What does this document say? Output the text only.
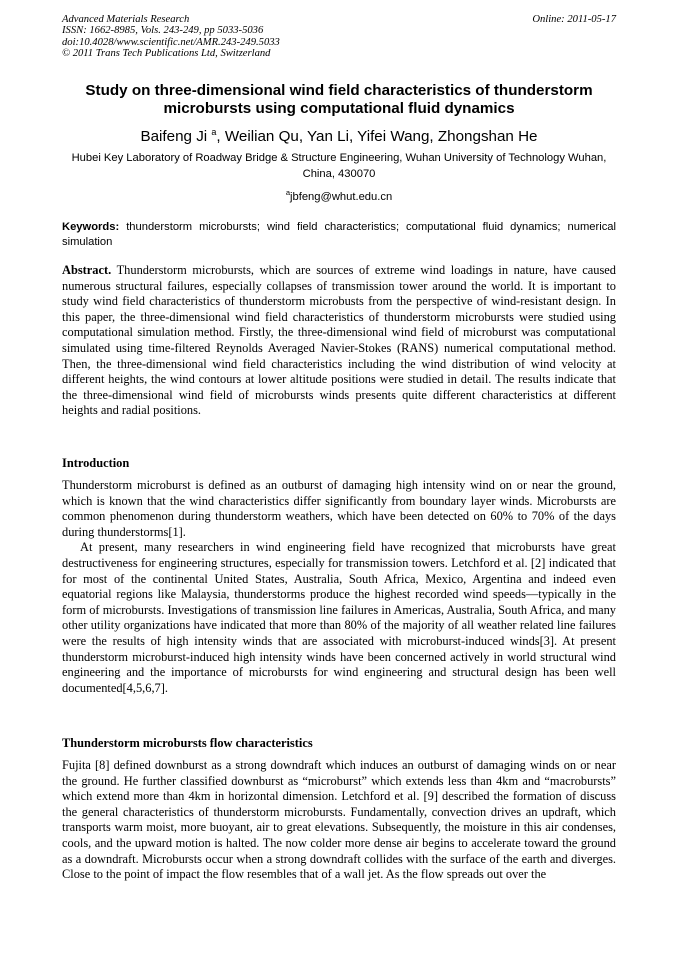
Advanced Materials Research
ISSN: 1662-8985, Vols. 243-249, pp 5033-5036
doi:10.4028/www.scientific.net/AMR.243-249.5033
© 2011 Trans Tech Publications Ltd, Switzerland
Online: 2011-05-17
Study on three-dimensional wind field characteristics of thunderstorm microbursts using computational fluid dynamics
Baifeng Ji $^a$, Weilian Qu, Yan Li, Yifei Wang, Zhongshan He
Hubei Key Laboratory of Roadway Bridge & Structure Engineering, Wuhan University of Technology Wuhan, China, 430070
$^a$jbfeng@whut.edu.cn
Keywords: thunderstorm microbursts; wind field characteristics; computational fluid dynamics; numerical simulation
Abstract. Thunderstorm microbursts, which are sources of extreme wind loadings in nature, have caused numerous structural failures, especially collapses of transmission tower around the world. It is important to study wind field characteristics of thunderstorm microbusts from the perspective of wind-resistant design. In this paper, the three-dimensional wind field characteristics of thunderstorm microbursts were studied using computational simulation method. Firstly, the three-dimensional wind field of microburst was computational simulated using time-filtered Reynolds Averaged Navier-Stokes (RANS) numerical computational method. Then, the three-dimensional wind field characteristics including the wind distribution of wind velocity at different heights, the wind contours at lower altitude positions were studied in detail. The results indicate that the three-dimensional wind field of microbursts winds presents quite different characteristics at different heights and radial positions.
Introduction

Thunderstorm microburst is defined as an outburst of damaging high intensity wind on or near the ground, which is known that the wind characteristics differ significantly from boundary layer winds. Microbursts are common phenomenon during thunderstorm weathers, which have been detected on 60% to 70% of the days during thunderstorms[1].

At present, many researchers in wind engineering field have recognized that microbursts have great destructiveness for engineering structures, especially for transmission towers. Letchford et al. [2] indicated that for most of the continental United States, Australia, South Africa, Mexico, Argentina and indeed even equatorial regions like Malaysia, thunderstorms produce the highest recorded wind speeds—typically in the form of microbursts. Investigations of transmission line failures in Americas, Australia, South Africa, and many other utility organizations have indicated that more than 80% of the majority of all weather related line failures were the results of high intensity winds that are associated with microburst-induced winds[3]. At present thunderstorm microburst-induced high intensity winds have been concerned actively in world structural wind engineering and the importance of microbursts for wind engineering and structural design has been well documented[4,5,6,7].

Thunderstorm microbursts flow characteristics

Fujita [8] defined downburst as a strong downdraft which induces an outburst of damaging winds on or near the ground. He further classified downburst as “microburst” which extends less than 4km and “macrobursts” which extend more than 4km in horizontal dimension. Letchford et al. [9] described the formation of discuss the general characteristics of thunderstorm microbursts. Fundamentally, convection drives an updraft, which transports warm moist, more buoyant, air to great elevations. Subsequently, the moisture in this air condenses, cools, and the upward motion is halted. The now colder more dense air begins to accelerate toward the ground as a downdraft. Microbursts occur when a strong downdraft collides with the surface of the earth and diverges. Close to the point of impact the flow resembles that of a wall jet. As the flow spreads out over the
